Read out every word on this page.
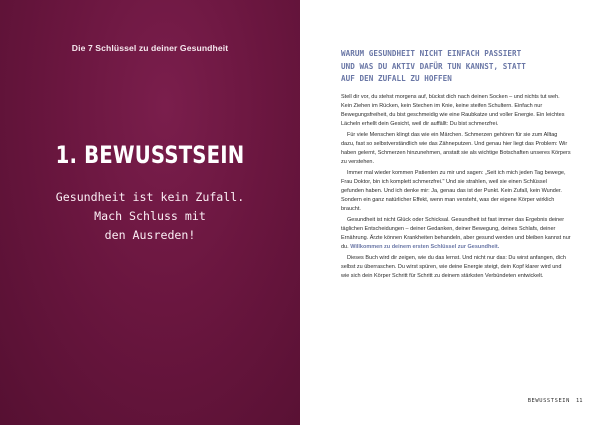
Die 7 Schlüssel zu deiner Gesundheit
1. BEWUSSTSEIN
Gesundheit ist kein Zufall.
Mach Schluss mit
den Ausreden!
WARUM GESUNDHEIT NICHT EINFACH PASSIERT
UND WAS DU AKTIV DAFÜR TUN KANNST, STATT
AUF DEN ZUFALL ZU HOFFEN

Stell dir vor, du stehst morgens auf, bückst dich nach deinen Socken – und nichts tut weh. Kein Ziehen im Rücken, kein Stechen im Knie, keine steifen Schultern. Einfach nur Bewegungsfreiheit, du bist geschmeidig wie eine Raubkatze und voller Energie. Ein leichtes Lächeln erhellt dein Gesicht, weil dir auffällt: Du bist schmerzfrei.

Für viele Menschen klingt das wie ein Märchen. Schmerzen gehören für sie zum Alltag dazu, fast so selbstverständlich wie das Zähneputzen. Und genau hier liegt das Problem: Wir haben gelernt, Schmerzen hinzunehmen, anstatt sie als wichtige Botschaften unseres Körpers zu verstehen.

Immer mal wieder kommen Patienten zu mir und sagen: „Seit ich mich jeden Tag bewege, Frau Doktor, bin ich komplett schmerzfrei." Und sie strahlen, weil sie einen Schlüssel gefunden haben. Und ich denke mir: Ja, genau das ist der Punkt. Kein Zufall, kein Wunder. Sondern ein ganz natürlicher Effekt, wenn man versteht, was der eigene Körper wirklich braucht.

Gesundheit ist nicht Glück oder Schicksal. Gesundheit ist fast immer das Ergebnis deiner täglichen Entscheidungen – deiner Gedanken, deiner Bewegung, deines Schlafs, deiner Ernährung. Ärzte können Krankheiten behandeln, aber gesund werden und bleiben kannst nur du. Willkommen zu deinem ersten Schlüssel zur Gesundheit.

Dieses Buch wird dir zeigen, wie du das lernst. Und nicht nur das: Du wirst anfangen, dich selbst zu überraschen. Du wirst spüren, wie deine Energie steigt, dein Kopf klarer wird und wie sich dein Körper Schritt für Schritt zu deinem stärksten Verbündeten entwickelt.

BEWUSSTSEIN 11
